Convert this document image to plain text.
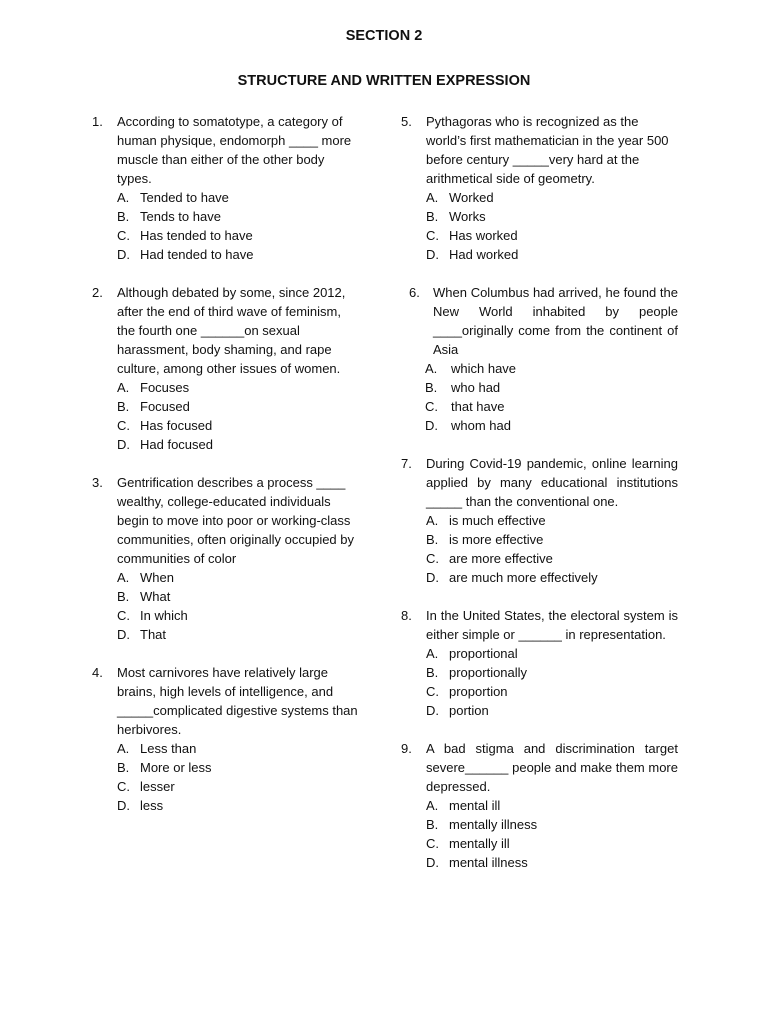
SECTION 2
STRUCTURE AND WRITTEN EXPRESSION
1. According to somatotype, a category of human physique, endomorph ____ more muscle than either of the other body types.
A. Tended to have
B. Tends to have
C. Has tended to have
D. Had tended to have
2. Although debated by some, since 2012, after the end of third wave of feminism, the fourth one ______on sexual harassment, body shaming, and rape culture, among other issues of women.
A. Focuses
B. Focused
C. Has focused
D. Had focused
3. Gentrification describes a process ____ wealthy, college-educated individuals begin to move into poor or working-class communities, often originally occupied by communities of color
A. When
B. What
C. In which
D. That
4. Most carnivores have relatively large brains, high levels of intelligence, and _____complicated digestive systems than herbivores.
A. Less than
B. More or less
C. lesser
D. less
5. Pythagoras who is recognized as the world’s first mathematician in the year 500 before century _____very hard at the arithmetical side of geometry.
A. Worked
B. Works
C. Has worked
D. Had worked
6. When Columbus had arrived, he found the New World inhabited by people ____originally come from the continent of Asia
A. which have
B. who had
C. that have
D. whom had
7. During Covid-19 pandemic, online learning applied by many educational institutions _____ than the conventional one.
A. is much effective
B. is more effective
C. are more effective
D. are much more effectively
8. In the United States, the electoral system is either simple or ______ in representation.
A. proportional
B. proportionally
C. proportion
D. portion
9. A bad stigma and discrimination target severe______ people and make them more depressed.
A. mental ill
B. mentally illness
C. mentally ill
D. mental illness
